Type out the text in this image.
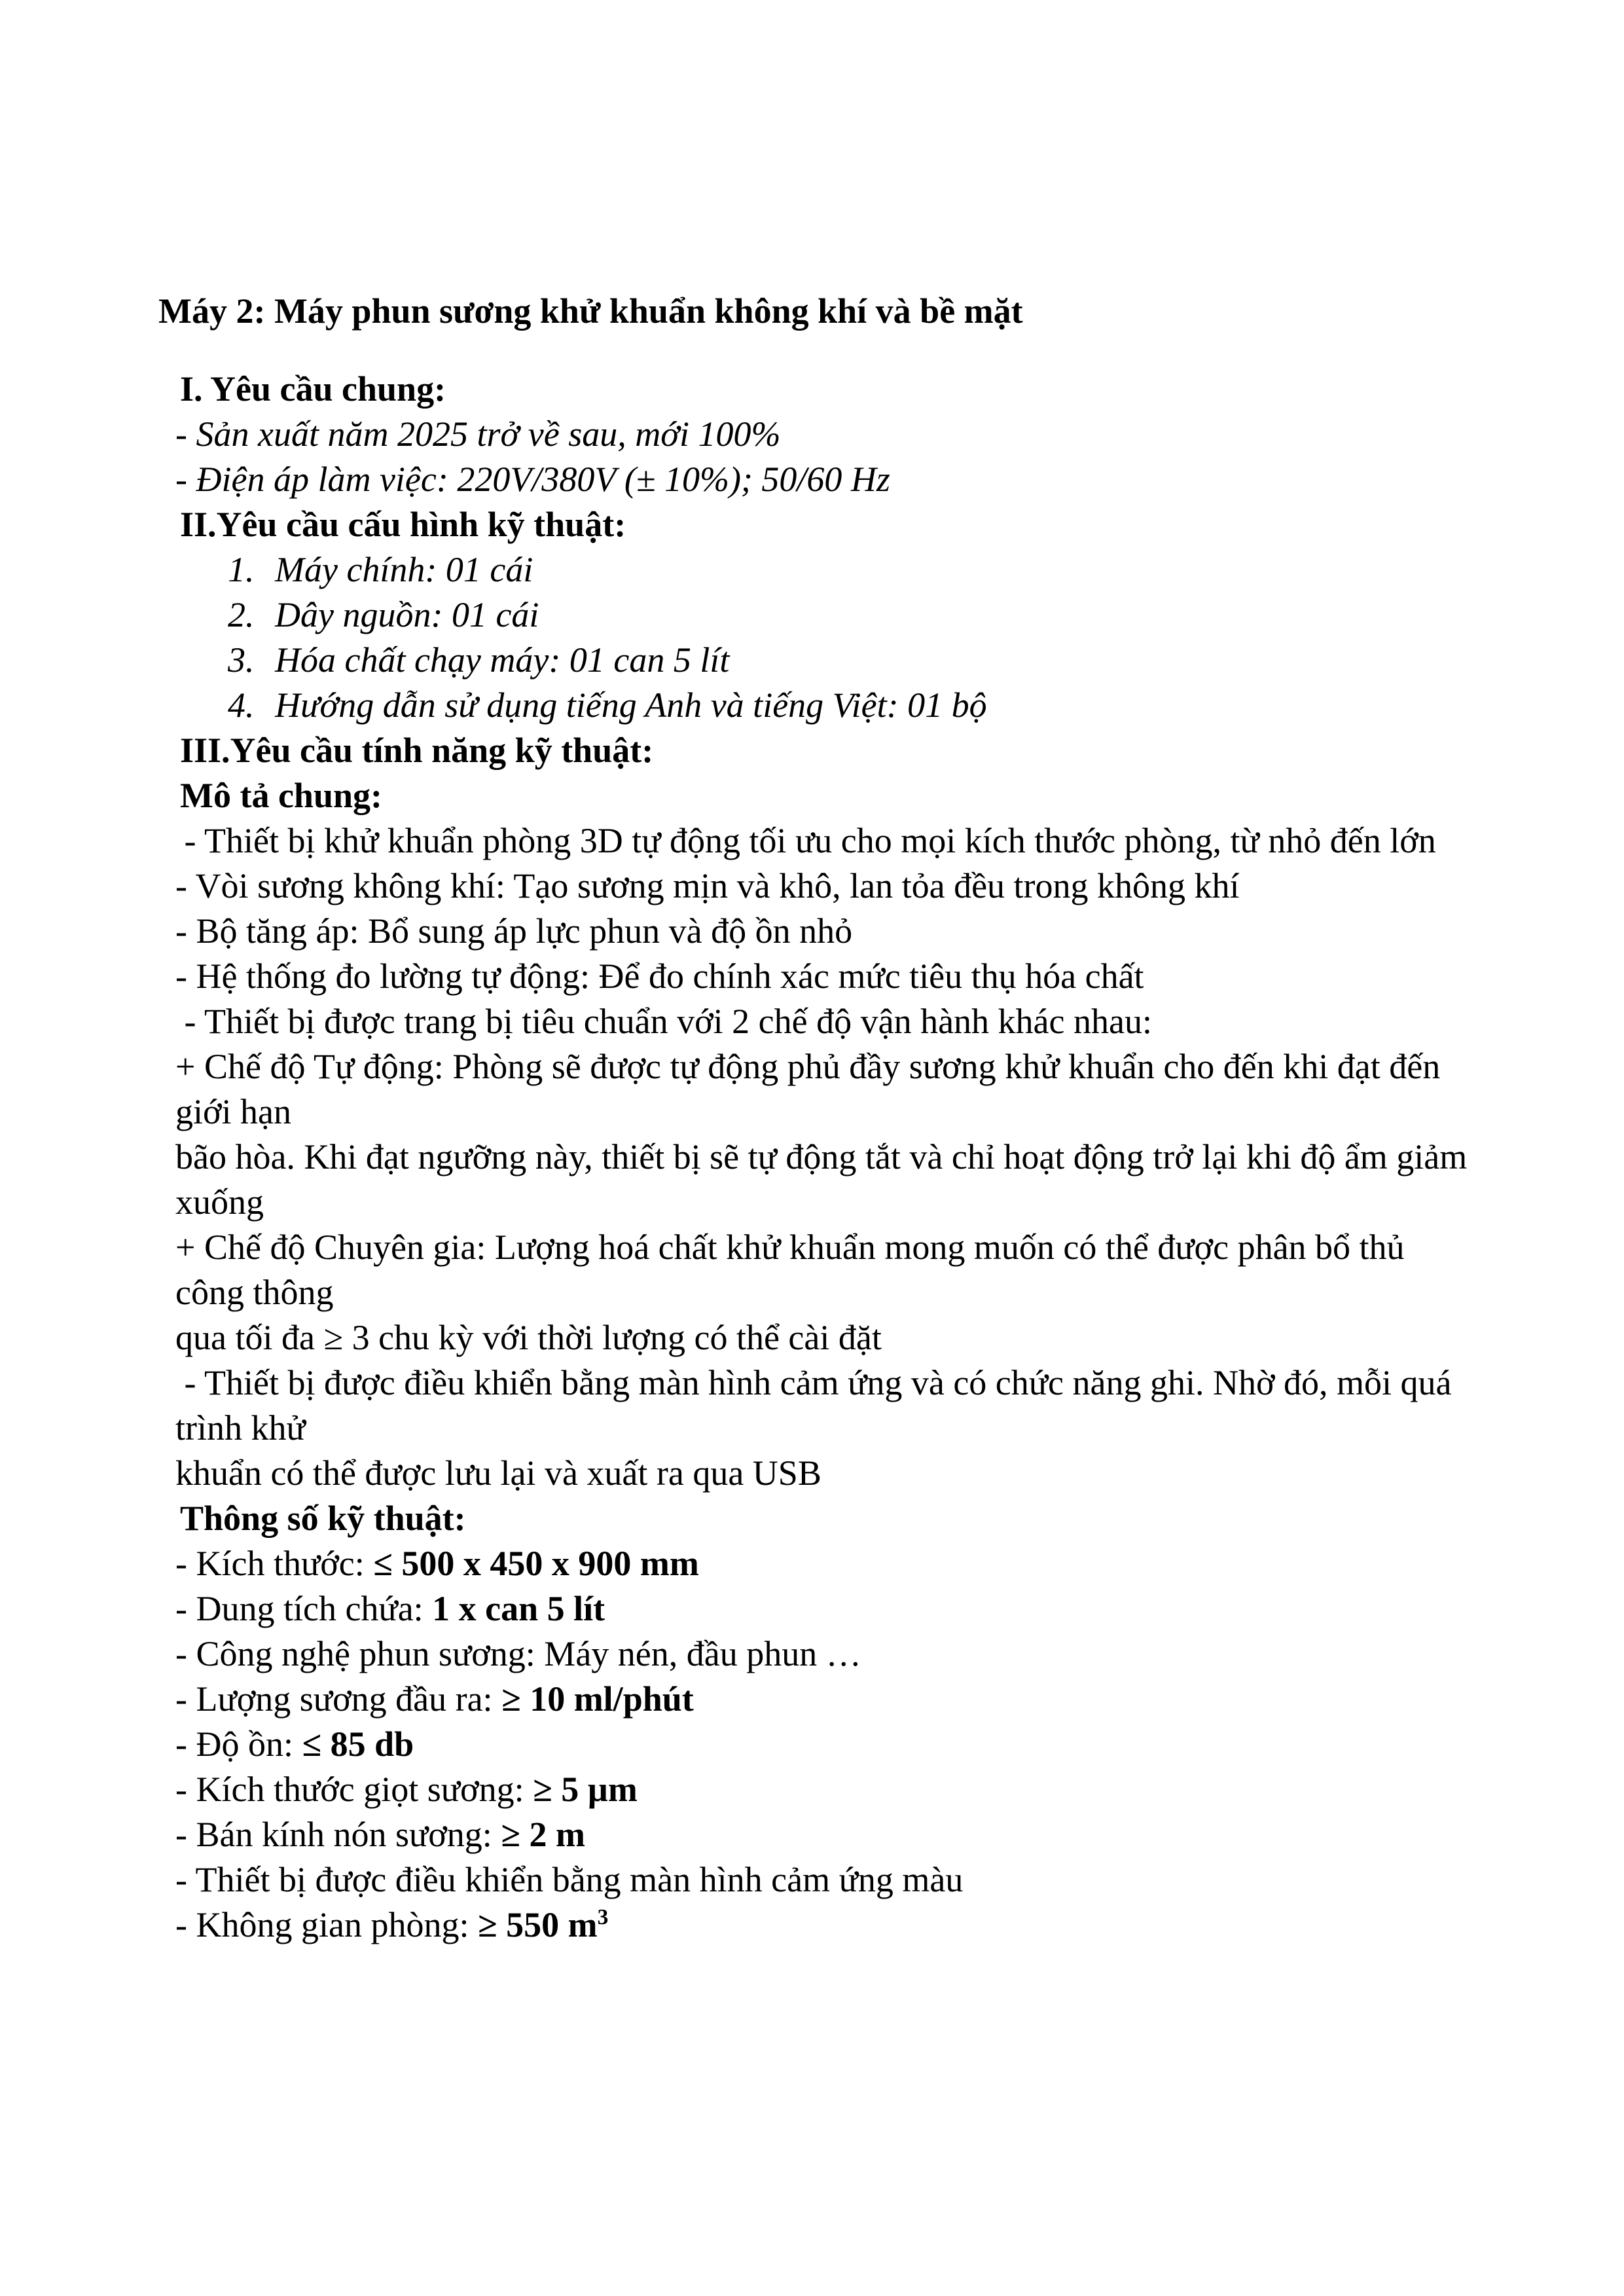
Máy 2: Máy phun sương khử khuẩn không khí và bề mặt

I. Yêu cầu chung:

- Sản xuất năm 2025 trở về sau, mới 100%

- Điện áp làm việc: 220V/380V (± 10%); 50/60 Hz

II.Yêu cầu cấu hình kỹ thuật:

1. Máy chính: 01 cái

2. Dây nguồn: 01 cái

3. Hóa chất chạy máy: 01 can 5 lít

4. Hướng dẫn sử dụng tiếng Anh và tiếng Việt: 01 bộ

III.Yêu cầu tính năng kỹ thuật:

Mô tả chung:

- Thiết bị khử khuẩn phòng 3D tự động tối ưu cho mọi kích thước phòng, từ nhỏ đến lớn

- Vòi sương không khí: Tạo sương mịn và khô, lan tỏa đều trong không khí

- Bộ tăng áp: Bổ sung áp lực phun và độ ồn nhỏ

- Hệ thống đo lường tự động: Để đo chính xác mức tiêu thụ hóa chất

- Thiết bị được trang bị tiêu chuẩn với 2 chế độ vận hành khác nhau:

+ Chế độ Tự động: Phòng sẽ được tự động phủ đầy sương khử khuẩn cho đến khi đạt đến giới hạn

bão hòa. Khi đạt ngưỡng này, thiết bị sẽ tự động tắt và chỉ hoạt động trở lại khi độ ẩm giảm xuống

+ Chế độ Chuyên gia: Lượng hoá chất khử khuẩn mong muốn có thể được phân bổ thủ công thông

qua tối đa ≥ 3 chu kỳ với thời lượng có thể cài đặt

- Thiết bị được điều khiển bằng màn hình cảm ứng và có chức năng ghi. Nhờ đó, mỗi quá trình khử

khuẩn có thể được lưu lại và xuất ra qua USB

Thông số kỹ thuật:

- Kích thước: ≤ 500 x 450 x 900 mm

- Dung tích chứa: 1 x can 5 lít

- Công nghệ phun sương: Máy nén, đầu phun …

- Lượng sương đầu ra: ≥ 10 ml/phút

- Độ ồn: ≤ 85 db

- Kích thước giọt sương: ≥ 5 µm

- Bán kính nón sương: ≥ 2 m

- Thiết bị được điều khiển bằng màn hình cảm ứng màu

- Không gian phòng: ≥ 550 $m^3$
